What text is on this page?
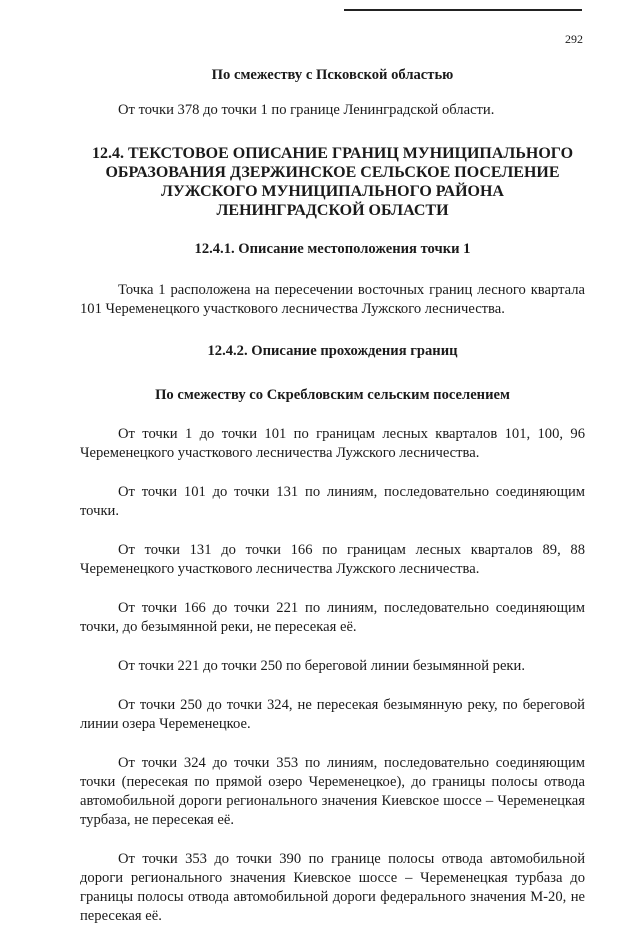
292

По смежеству с Псковской областью

От точки 378 до точки 1 по границе Ленинградской области.

12.4. ТЕКСТОВОЕ ОПИСАНИЕ ГРАНИЦ МУНИЦИПАЛЬНОГО
ОБРАЗОВАНИЯ ДЗЕРЖИНСКОЕ СЕЛЬСКОЕ ПОСЕЛЕНИЕ
ЛУЖСКОГО МУНИЦИПАЛЬНОГО РАЙОНА
ЛЕНИНГРАДСКОЙ ОБЛАСТИ

12.4.1. Описание местоположения точки 1

Точка 1 расположена на пересечении восточных границ лесного квартала 101 Череменецкого участкового лесничества Лужского лесничества.

12.4.2. Описание прохождения границ

По смежеству со Скребловским сельским поселением

От точки 1 до точки 101 по границам лесных кварталов 101, 100, 96 Череменецкого участкового лесничества Лужского лесничества.

От точки 101 до точки 131 по линиям, последовательно соединяющим точки.

От точки 131 до точки 166 по границам лесных кварталов 89, 88 Череменецкого участкового лесничества Лужского лесничества.

От точки 166 до точки 221 по линиям, последовательно соединяющим точки, до безымянной реки, не пересекая её.

От точки 221 до точки 250 по береговой линии безымянной реки.

От точки 250 до точки 324, не пересекая безымянную реку, по береговой линии озера Череменецкое.

От точки 324 до точки 353 по линиям, последовательно соединяющим точки (пересекая по прямой озеро Череменецкое), до границы полосы отвода автомобильной дороги регионального значения Киевское шоссе – Череменецкая турбаза, не пересекая её.

От точки 353 до точки 390 по границе полосы отвода автомобильной дороги регионального значения Киевское шоссе – Череменецкая турбаза до границы полосы отвода автомобильной дороги федерального значения М-20, не пересекая её.
